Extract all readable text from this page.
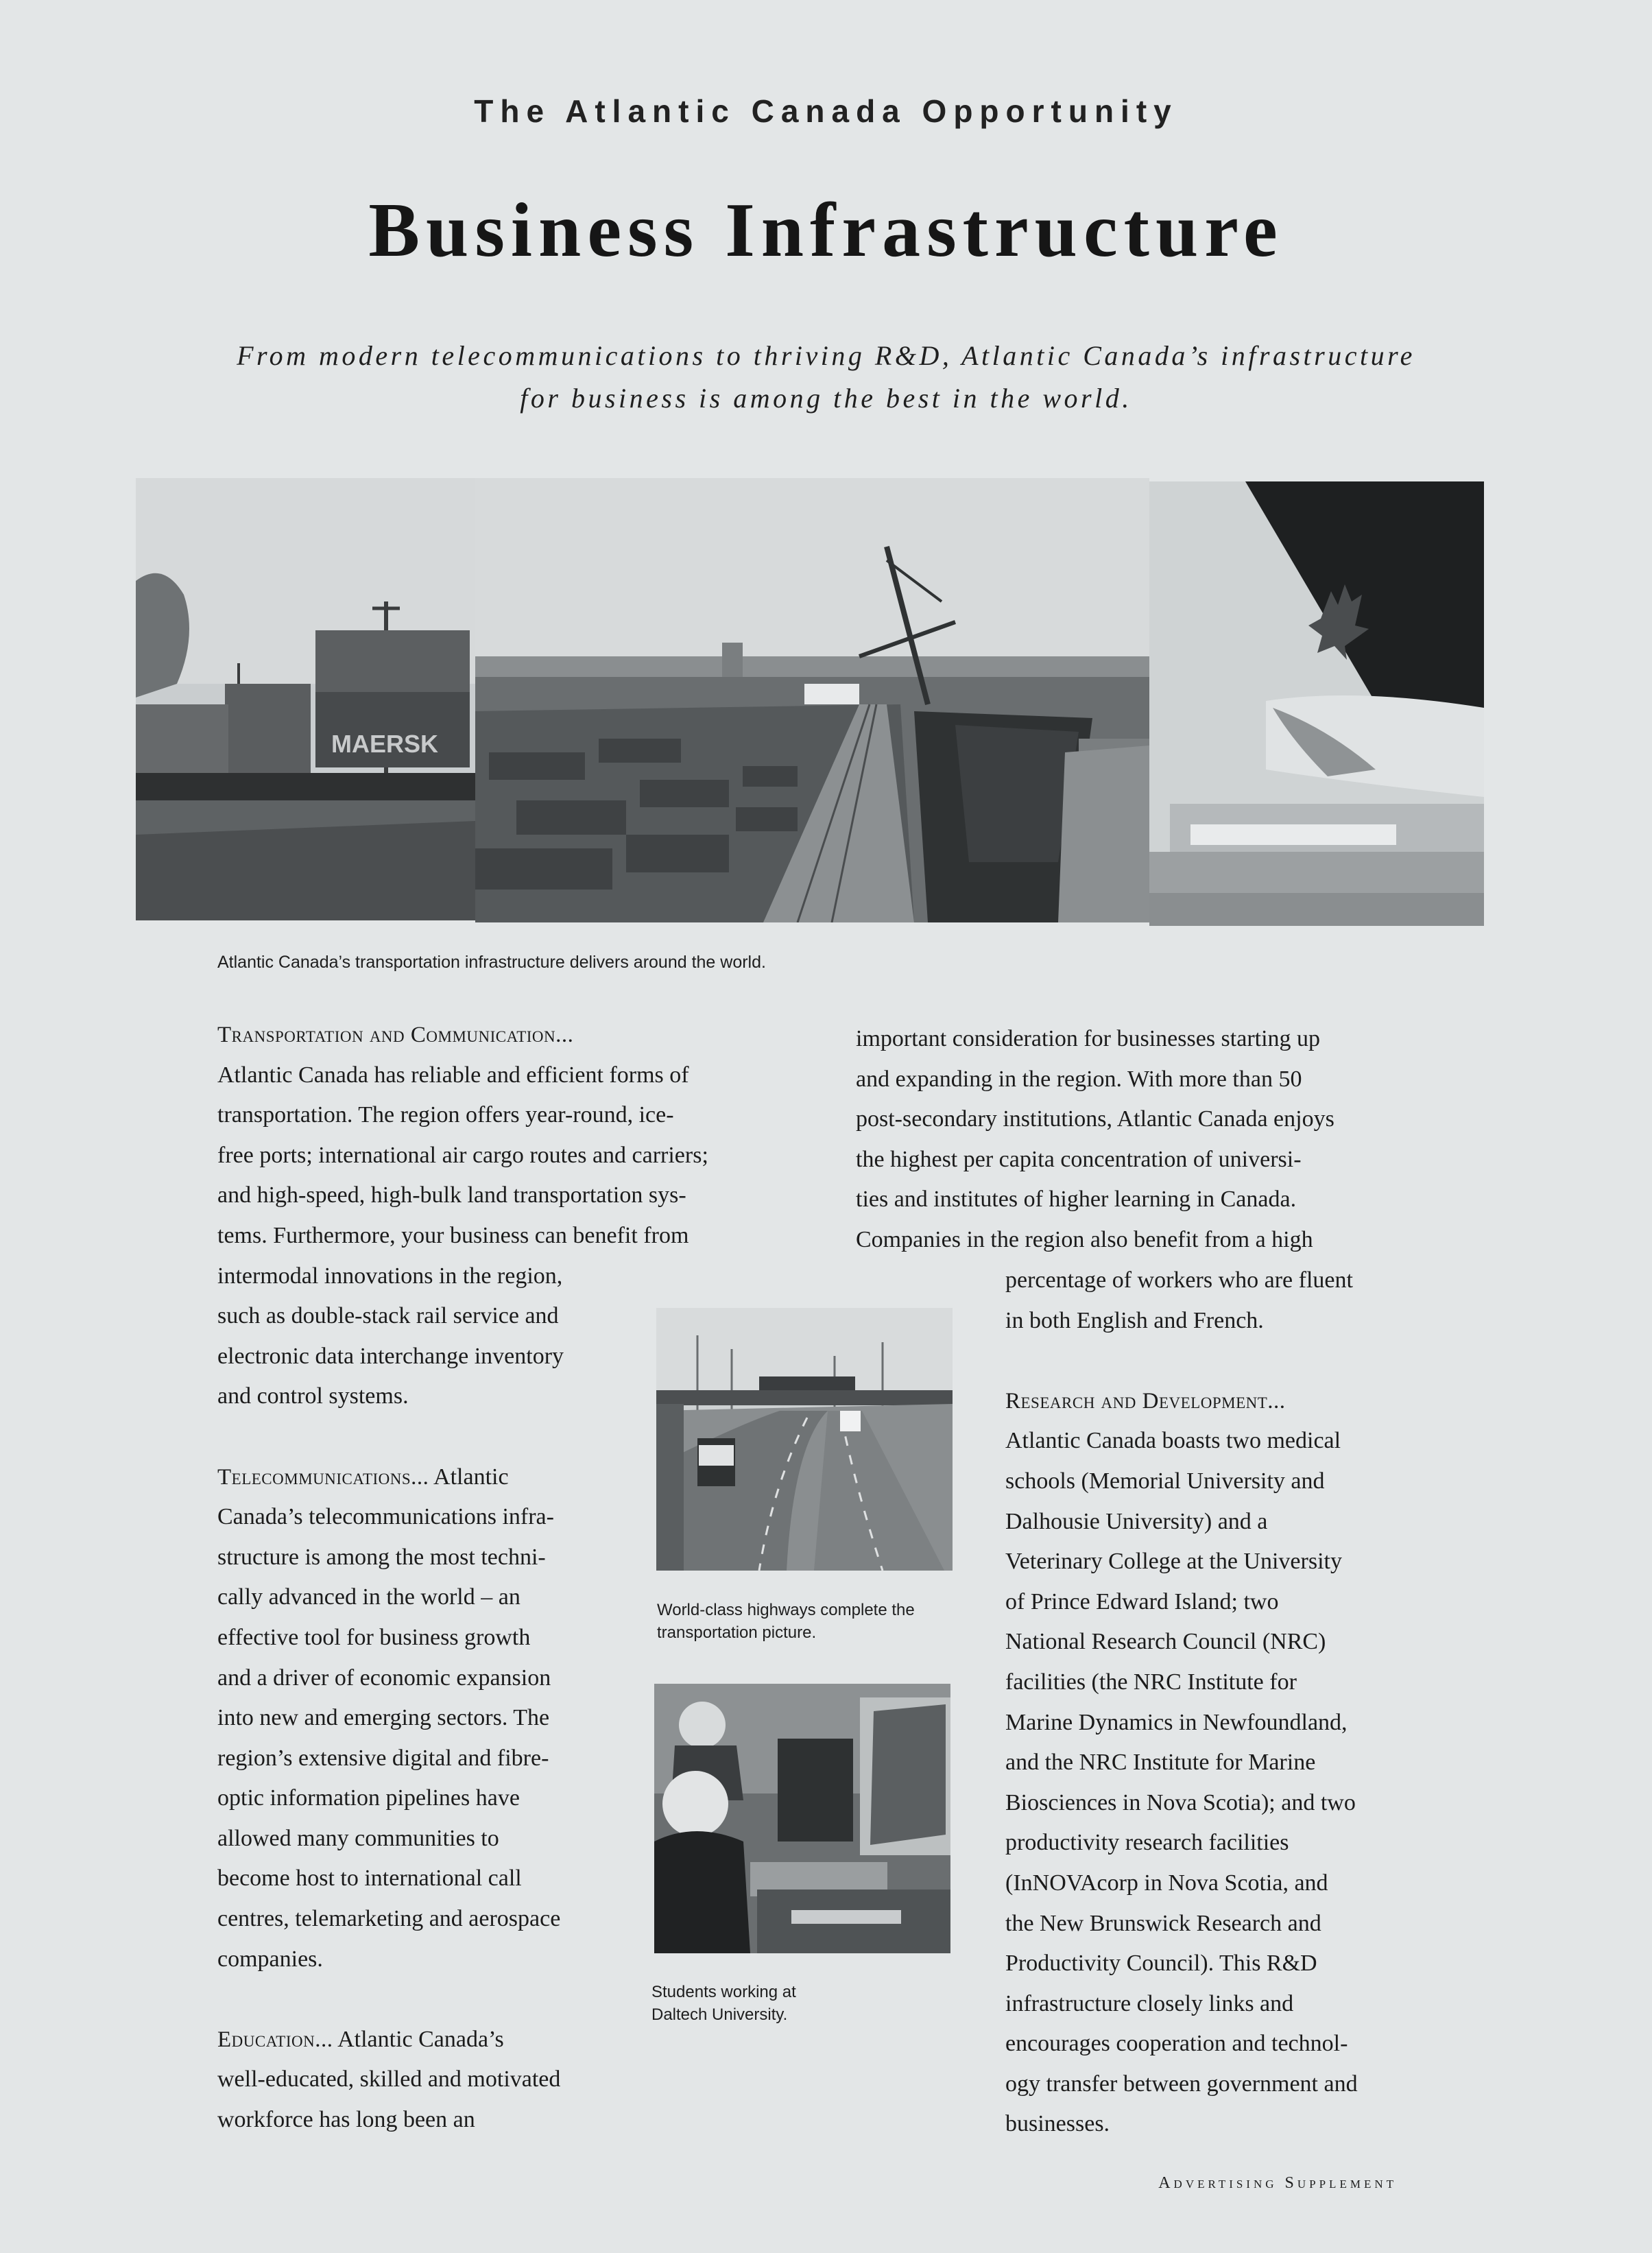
The Atlantic Canada Opportunity
Business Infrastructure
From modern telecommunications to thriving R&D, Atlantic Canada’s infrastructure
for business is among the best in the world.
MAERSK
Atlantic Canada’s transportation infrastructure delivers around the world.

Transportation and Communication...

Atlantic Canada has reliable and efficient forms of

transportation. The region offers year-round, ice-

free ports; international air cargo routes and carriers;

and high-speed, high-bulk land transportation sys-

tems. Furthermore, your business can benefit from

intermodal innovations in the region,

such as double-stack rail service and

electronic data interchange inventory

and control systems.

Telecommunications... Atlantic

Canada’s telecommunications infra-

structure is among the most techni-

cally advanced in the world – an

effective tool for business growth

and a driver of economic expansion

into new and emerging sectors. The

region’s extensive digital and fibre-

optic information pipelines have

allowed many communities to

become host to international call

centres, telemarketing and aerospace

companies.

Education... Atlantic Canada’s

well-educated, skilled and motivated

workforce has long been an

World-class highways complete the
transportation picture.
Students working at
Daltech University.

important consideration for businesses starting up

and expanding in the region. With more than 50

post-secondary institutions, Atlantic Canada enjoys

the highest per capita concentration of universi-

ties and institutes of higher learning in Canada.

Companies in the region also benefit from a high

percentage of workers who are fluent

in both English and French.

Research and Development...

Atlantic Canada boasts two medical

schools (Memorial University and

Dalhousie University) and a

Veterinary College at the University

of Prince Edward Island; two

National Research Council (NRC)

facilities (the NRC Institute for

Marine Dynamics in Newfoundland,

and the NRC Institute for Marine

Biosciences in Nova Scotia); and two

productivity research facilities

(InNOVAcorp in Nova Scotia, and

the New Brunswick Research and

Productivity Council). This R&D

infrastructure closely links and

encourages cooperation and technol-

ogy transfer between government and

businesses.

Advertising Supplement
